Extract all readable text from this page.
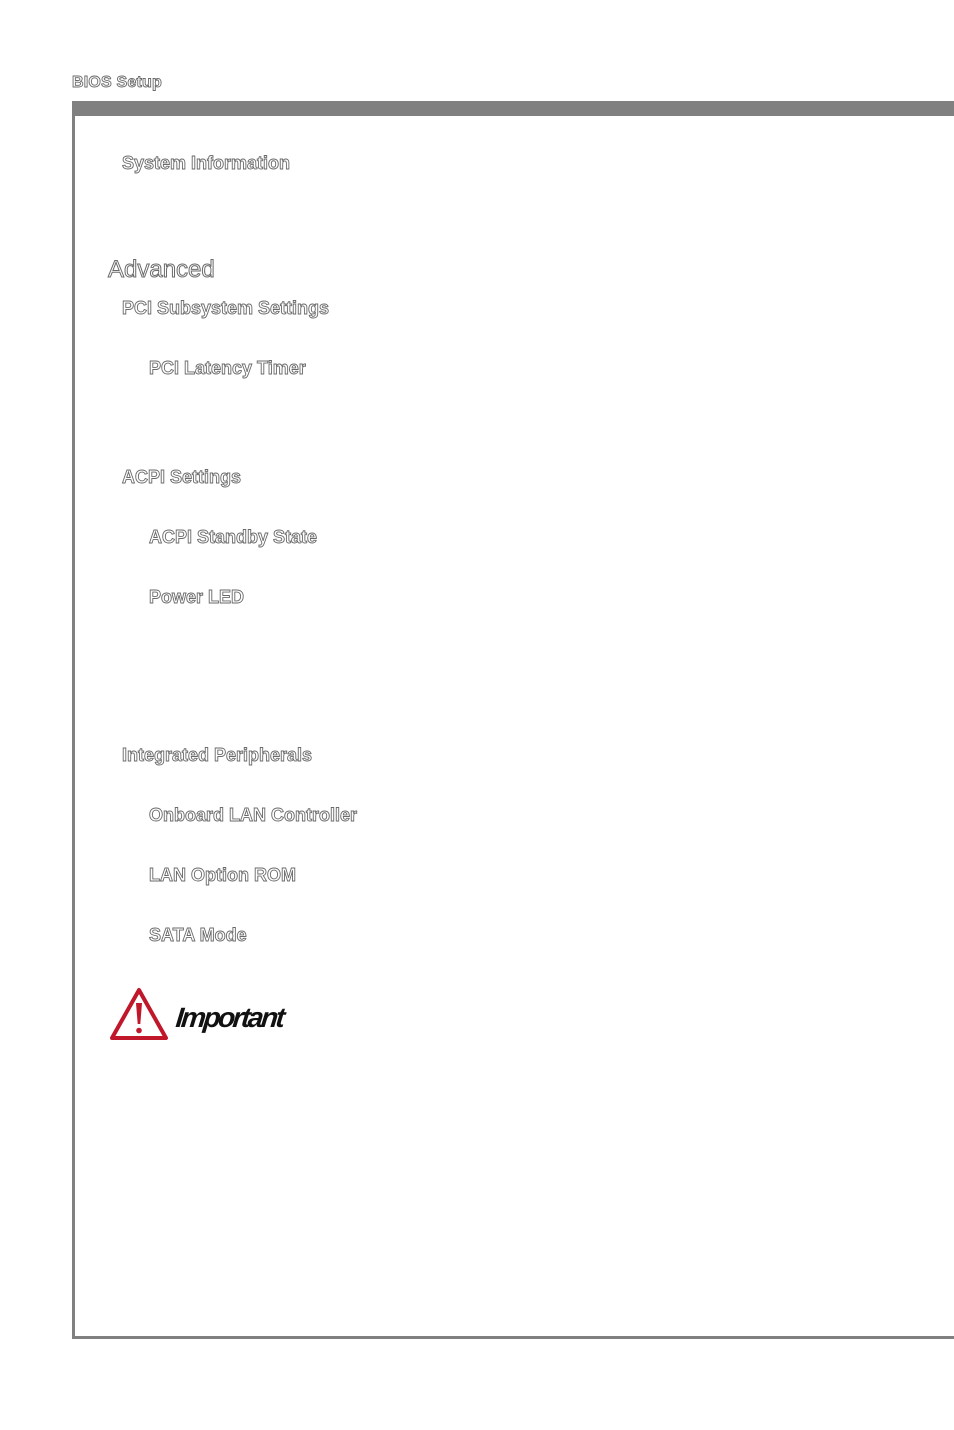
BIOS Setup
System Information
Advanced
PCI Subsystem Settings
PCI Latency Timer
ACPI Settings
ACPI Standby State
Power LED
Integrated Peripherals
Onboard LAN Controller
LAN Option ROM
SATA Mode
Important
